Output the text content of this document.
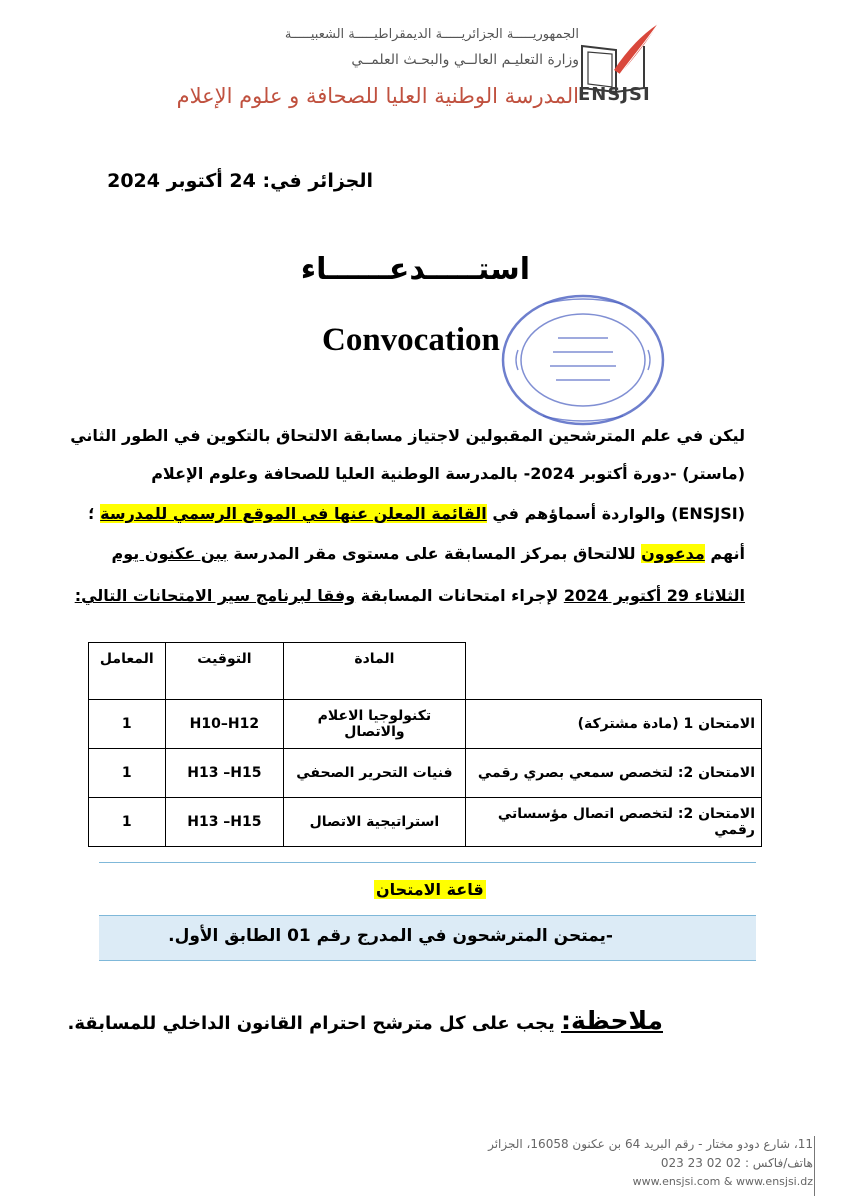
الجمهوريـــــة الجزائريـــــة الديمقراطيـــــة الشعبيـــــة
وزارة التعليـم العالــي والبحـث العلمــي
المدرسة الوطنية العليا للصحافة و علوم الإعلام ENSJSI
الجزائر في: 24 أكتوبر 2024
استـــــدعــــــاء
Convocation
ليكن في علم المترشحين المقبولين لاجتياز مسابقة الالتحاق بالتكوين في الطور الثاني
(ماستر) -دورة أكتوبر 2024- بالمدرسة الوطنية العليا للصحافة وعلوم الإعلام
(ENSJSI) والواردة أسماؤهم في القائمة المعلن عنها في الموقع الرسمي للمدرسة ؛
أنهم مدعوون للالتحاق بمركز المسابقة على مستوى مقر المدرسة ببن عكنون يوم
الثلاثاء 29 أكتوبر 2024 لإجراء امتحانات المسابقة وفقا لبرنامج سير الامتحانات التالي:
	المادة	التوقيت	المعامل
الامتحان 1 (مادة مشتركة)	تكنولوجيا الاعلام والاتصال	H10–H12	1
الامتحان 2: لتخصص سمعي بصري رقمي	فنيات التحرير الصحفي	H13 –H15	1
الامتحان 2: لتخصص اتصال مؤسساتي رقمي	استراتيجية الاتصال	H13 –H15	1
قاعة الامتحان
-يمتحن المترشحون في المدرج رقم 01 الطابق الأول.
ملاحظة: يجب على كل مترشح احترام القانون الداخلي للمسابقة.
11، شارع دودو مختار - رقم البريد 64 بن عكنون 16058، الجزائر
هاتف/فاكس : 02 02 23 023
www.ensjsi.com & www.ensjsi.dz
